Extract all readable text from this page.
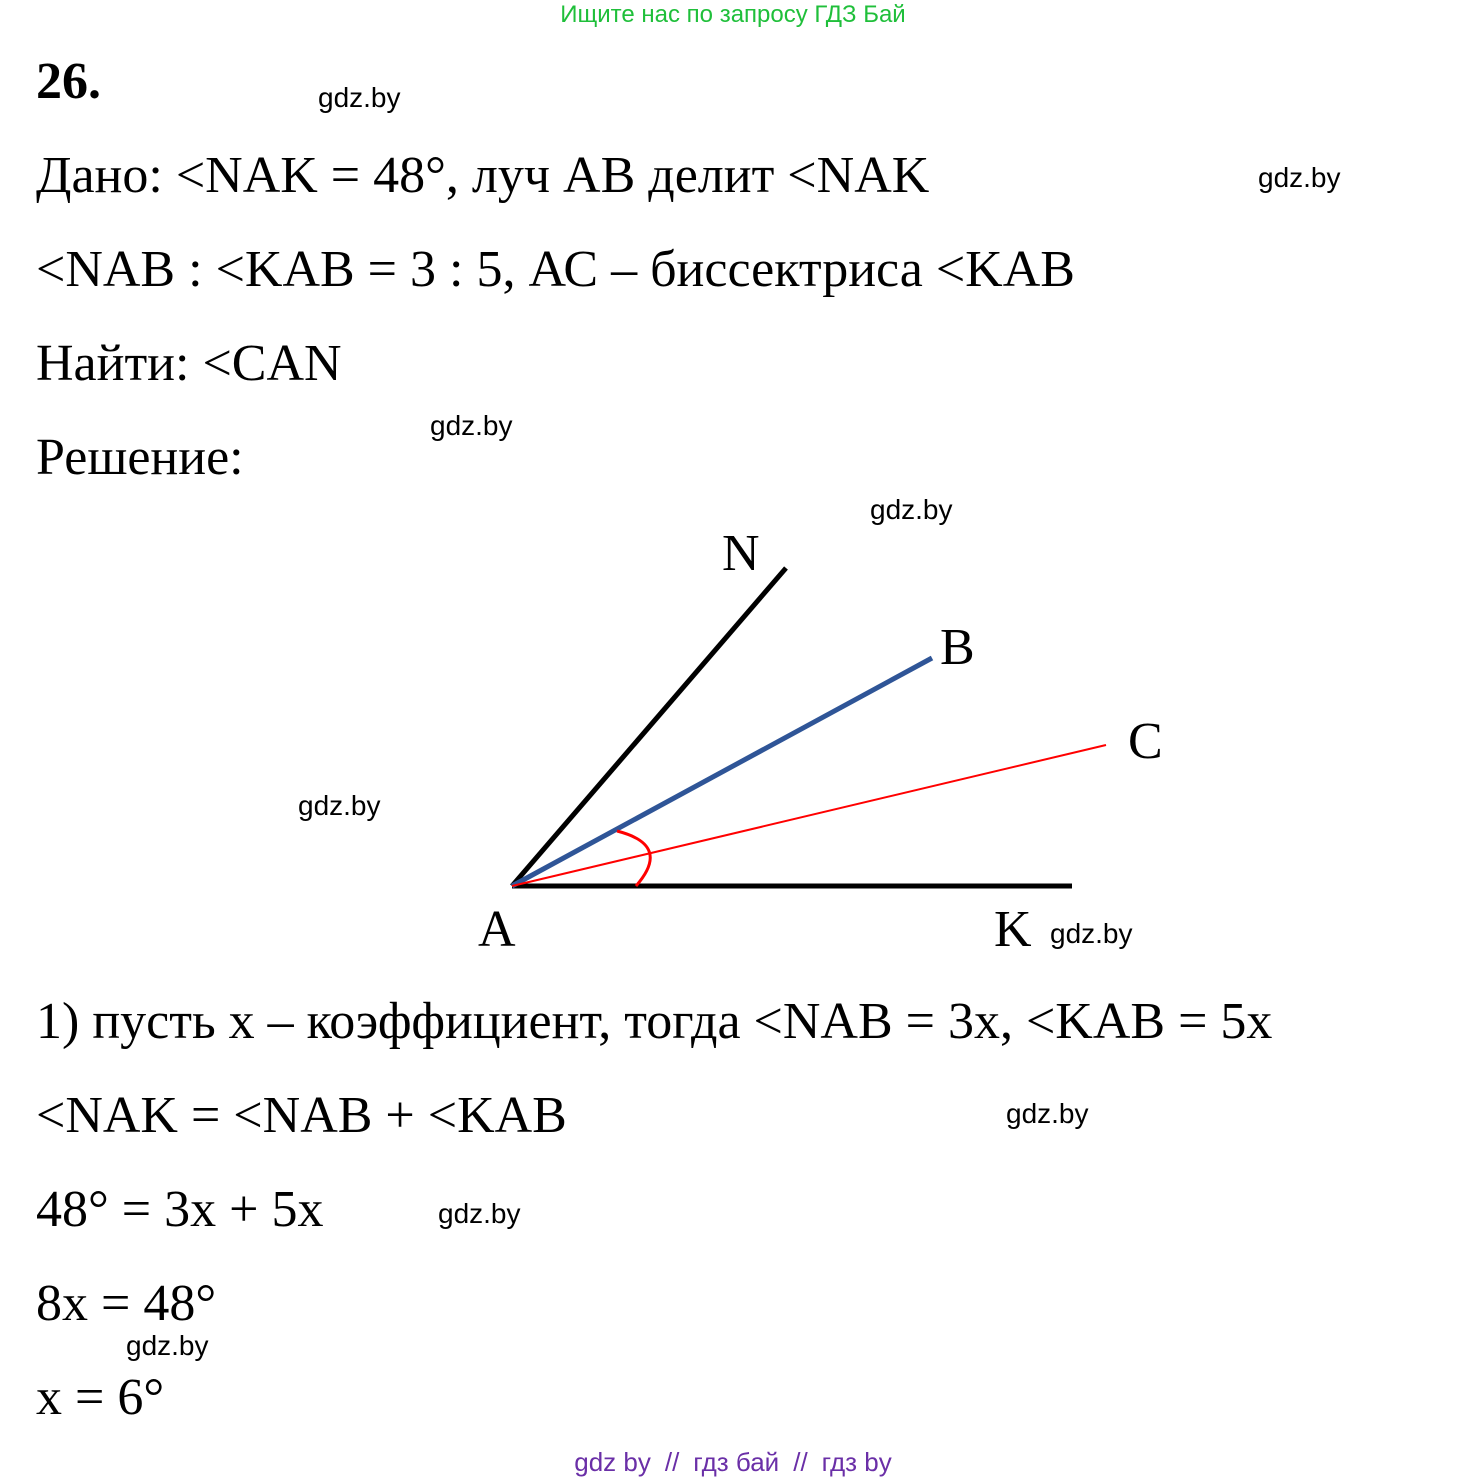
Ищите нас по запросу ГДЗ Бай
26.
Дано: <NAK = 48°, луч АВ делит <NAK
<NAB : <KAB = 3 : 5, АС – биссектриса <KAB
Найти: <CAN
Решение:
N
B
C
A	K
1) пусть х – коэффициент, тогда <NAB = 3x, <KAB = 5x
<NAK = <NAB + <KAB
48° = 3x + 5x
8x = 48°
x = 6°
gdz.by
gdz.by
gdz.by
gdz.by
gdz.by
gdz.by
gdz.by
gdz.by
gdz.by
gdz by // гдз бай // гдз by
